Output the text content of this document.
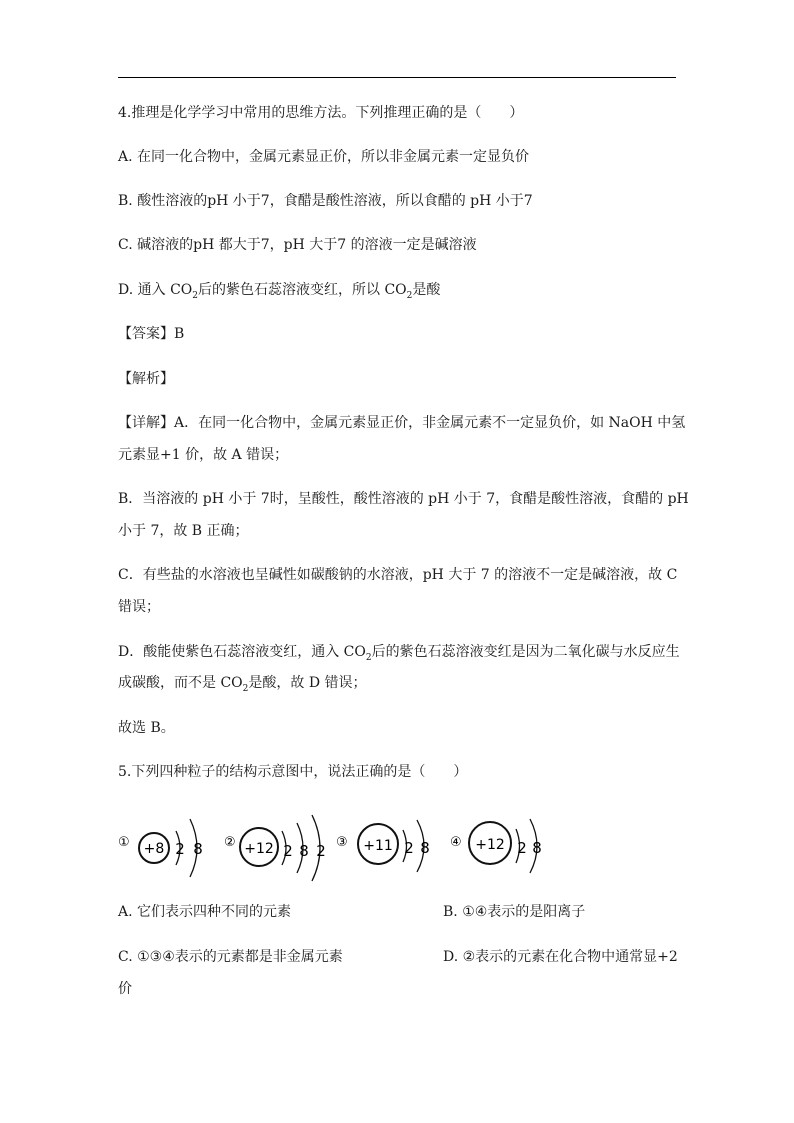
4.推理是化学学习中常用的思维方法。下列推理正确的是（　　）
A. 在同一化合物中，金属元素显正价，所以非金属元素一定显负价
B. 酸性溶液的pH 小于7，食醋是酸性溶液，所以食醋的 pH 小于7
C. 碱溶液的pH 都大于7，pH 大于7 的溶液一定是碱溶液
D. 通入 $CO_2$后的紫色石蕊溶液变红，所以 $CO_2$是酸
【答案】B
【解析】
【详解】A．在同一化合物中，金属元素显正价，非金属元素不一定显负价，如 NaOH 中氢
元素显+1 价，故 A 错误；
B．当溶液的 pH 小于 7时，呈酸性，酸性溶液的 pH 小于 7，食醋是酸性溶液，食醋的 pH
小于 7，故 B 正确；
C．有些盐的水溶液也呈碱性如碳酸钠的水溶液，pH 大于 7 的溶液不一定是碱溶液，故 C
错误；
D．酸能使紫色石蕊溶液变红，通入 $CO_2$后的紫色石蕊溶液变红是因为二氧化碳与水反应生
成碳酸，而不是 $CO_2$是酸，故 D 错误；
故选 B。
5.下列四种粒子的结构示意图中，说法正确的是（　　）
① +8 2 8 ② +12 2 8 2 ③ +11 2 8 ④ +12 2 8
A. 它们表示四种不同的元素	B. ①④表示的是阳离子
C. ①③④表示的元素都是非金属元素	D. ②表示的元素在化合物中通常显+2
价
